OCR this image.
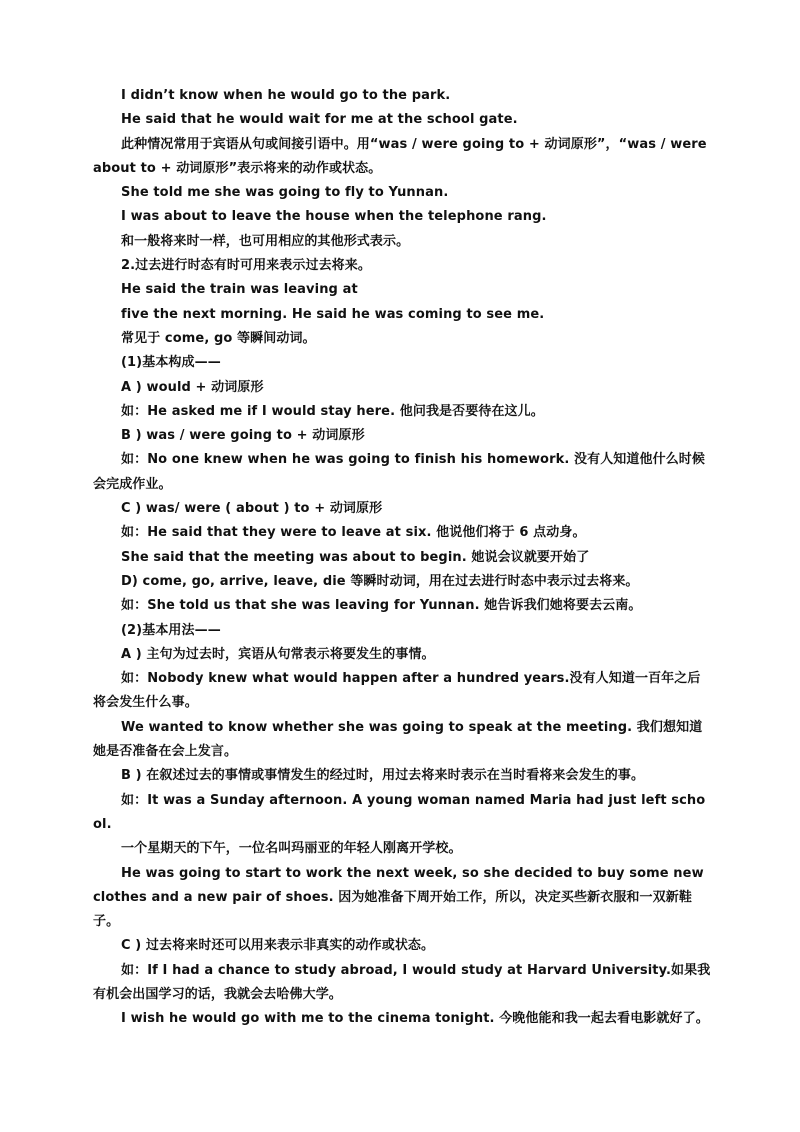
I didn’t know when he would go to the park.

He said that he would wait for me at the school gate.

此种情况常用于宾语从句或间接引语中。用“was / were going to + 动词原形”，“was / were about to + 动词原形”表示将来的动作或状态。

She told me she was going to fly to Yunnan.

I was about to leave the house when the telephone rang.

和一般将来时一样，也可用相应的其他形式表示。

2.过去进行时态有时可用来表示过去将来。

He said the train was leaving at

five the next morning. He said he was coming to see me.

常见于 come, go 等瞬间动词。

(1)基本构成——

A ) would + 动词原形

如：He asked me if I would stay here. 他问我是否要待在这儿。

B ) was / were going to + 动词原形

如：No one knew when he was going to finish his homework. 没有人知道他什么时候会完成作业。

C ) was/ were ( about ) to + 动词原形

如：He said that they were to leave at six. 他说他们将于 6 点动身。

She said that the meeting was about to begin. 她说会议就要开始了

D) come, go, arrive, leave, die 等瞬时动词，用在过去进行时态中表示过去将来。

如：She told us that she was leaving for Yunnan. 她告诉我们她将要去云南。

(2)基本用法——

A ) 主句为过去时，宾语从句常表示将要发生的事情。

如：Nobody knew what would happen after a hundred years.没有人知道一百年之后将会发生什么事。

We wanted to know whether she was going to speak at the meeting. 我们想知道她是否准备在会上发言。

B ) 在叙述过去的事情或事情发生的经过时，用过去将来时表示在当时看将来会发生的事。

如：It was a Sunday afternoon. A young woman named Maria had just left school.

一个星期天的下午，一位名叫玛丽亚的年轻人刚离开学校。

He was going to start to work the next week, so she decided to buy some new clothes and a new pair of shoes. 因为她准备下周开始工作，所以，决定买些新衣服和一双新鞋子。

C ) 过去将来时还可以用来表示非真实的动作或状态。

如：If I had a chance to study abroad, I would study at Harvard University.如果我有机会出国学习的话，我就会去哈佛大学。

I wish he would go with me to the cinema tonight. 今晚他能和我一起去看电影就好了。
